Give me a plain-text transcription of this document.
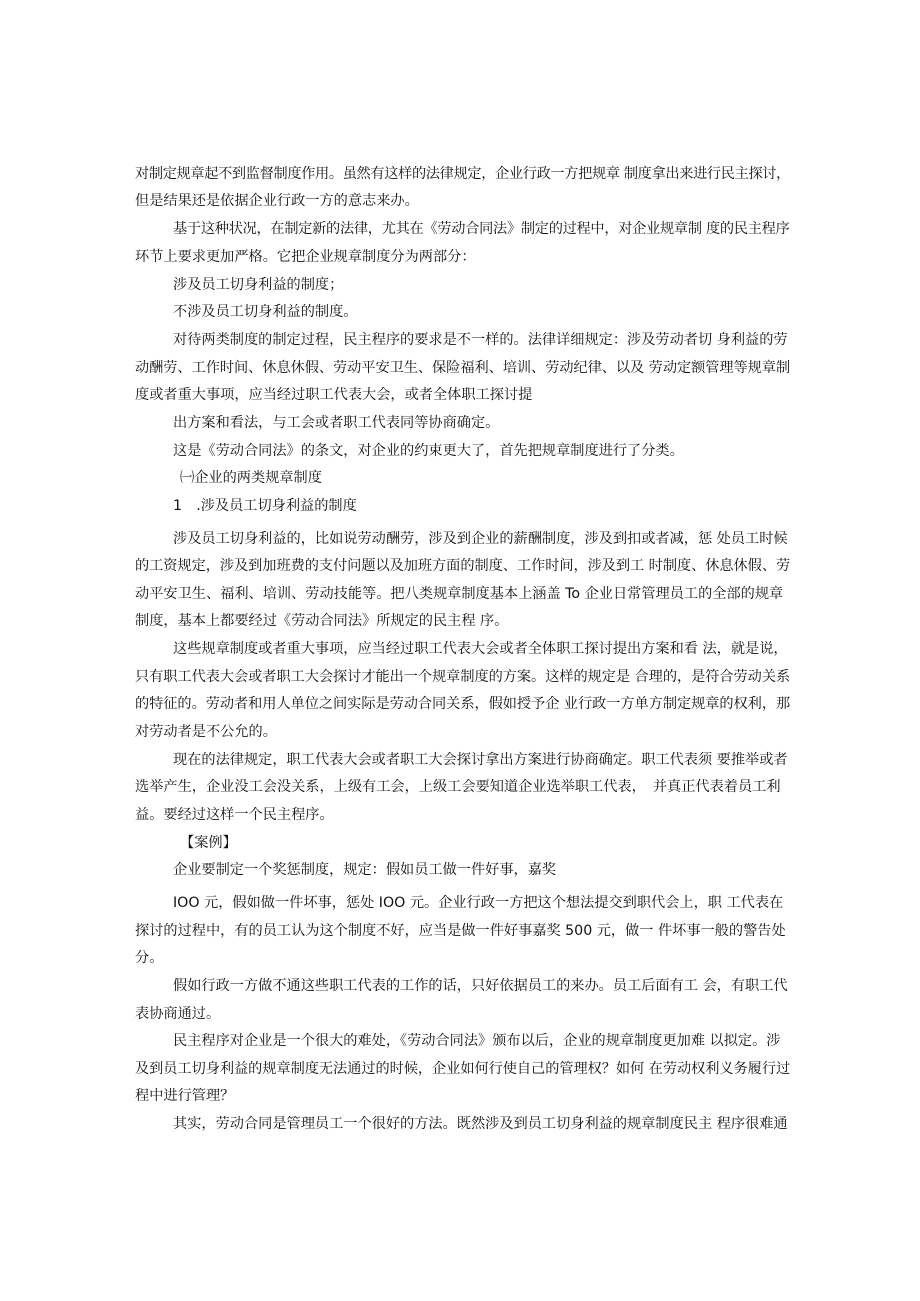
对制定规章起不到监督制度作用。虽然有这样的法律规定，企业行政一方把规章 制度拿出来进行民主探讨，
但是结果还是依据企业行政一方的意志来办。
基于这种状况，在制定新的法律，尤其在《劳动合同法》制定的过程中，对企业规章制 度的民主程序
环节上要求更加严格。它把企业规章制度分为两部分：
涉及员工切身利益的制度；
不涉及员工切身利益的制度。
对待两类制度的制定过程，民主程序的要求是不一样的。法律详细规定：涉及劳动者切 身利益的劳
动酬劳、工作时间、休息休假、劳动平安卫生、保险福利、培训、劳动纪律、以及 劳动定额管理等规章制
度或者重大事项，应当经过职工代表大会，或者全体职工探讨提
出方案和看法，与工会或者职工代表同等协商确定。
这是《劳动合同法》的条文，对企业的约束更大了，首先把规章制度进行了分类。
㈠企业的两类规章制度
1　.涉及员工切身利益的制度
涉及员工切身利益的，比如说劳动酬劳，涉及到企业的薪酬制度，涉及到扣或者减，惩 处员工时候
的工资规定，涉及到加班费的支付问题以及加班方面的制度、工作时间，涉及到工 时制度、休息休假、劳
动平安卫生、福利、培训、劳动技能等。把八类规章制度基本上涵盖 To 企业日常管理员工的全部的规章
制度，基本上都要经过《劳动合同法》所规定的民主程 序。
这些规章制度或者重大事项，应当经过职工代表大会或者全体职工探讨提出方案和看 法，就是说，
只有职工代表大会或者职工大会探讨才能出一个规章制度的方案。这样的规定是 合理的，是符合劳动关系
的特征的。劳动者和用人单位之间实际是劳动合同关系，假如授予企 业行政一方单方制定规章的权利，那
对劳动者是不公允的。
现在的法律规定，职工代表大会或者职工大会探讨拿出方案进行协商确定。职工代表须 要推举或者
选举产生，企业没工会没关系，上级有工会，上级工会要知道企业选举职工代表，　并真正代表着员工利
益。要经过这样一个民主程序。
【案例】
企业要制定一个奖惩制度，规定：假如员工做一件好事，嘉奖
IOO 元，假如做一件坏事，惩处 IOO 元。企业行政一方把这个想法提交到职代会上，职 工代表在
探讨的过程中，有的员工认为这个制度不好，应当是做一件好事嘉奖 500 元，做一 件坏事一般的警告处
分。
假如行政一方做不通这些职工代表的工作的话，只好依据员工的来办。员工后面有工 会，有职工代
表协商通过。
民主程序对企业是一个很大的难处，《劳动合同法》颁布以后，企业的规章制度更加难 以拟定。涉
及到员工切身利益的规章制度无法通过的时候，企业如何行使自己的管理权？如何 在劳动权利义务履行过
程中进行管理？
其实，劳动合同是管理员工一个很好的方法。既然涉及到员工切身利益的规章制度民主 程序很难通
